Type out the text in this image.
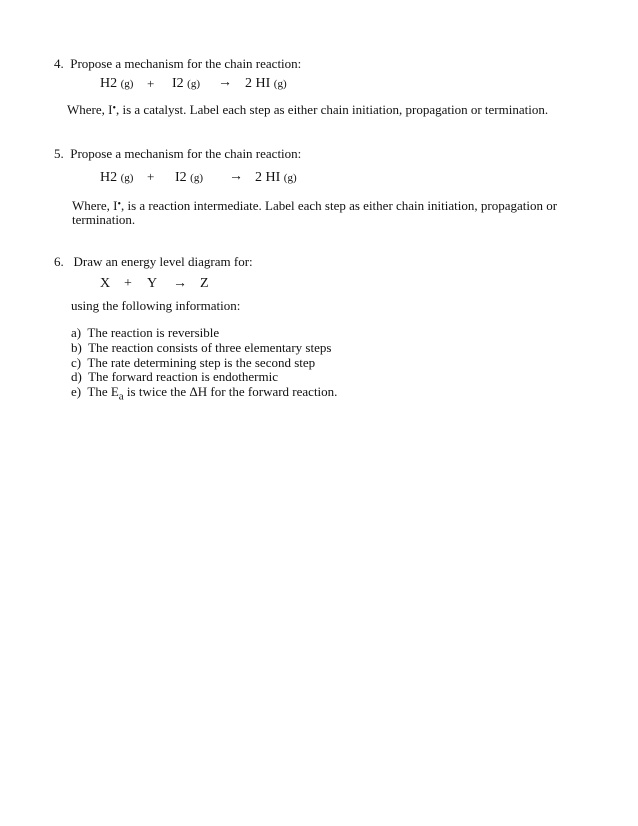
4. Propose a mechanism for the chain reaction:
H2 (g) + I2 (g) → 2 HI (g)
Where, I•, is a catalyst. Label each step as either chain initiation, propagation or termination.
5. Propose a mechanism for the chain reaction:
H2 (g) + I2 (g) → 2 HI (g)
Where, I•, is a reaction intermediate. Label each step as either chain initiation, propagation or
termination.
6. Draw an energy level diagram for:
X + Y → Z
using the following information:
a) The reaction is reversible
b) The reaction consists of three elementary steps
c) The rate determining step is the second step
d) The forward reaction is endothermic
e) The $E_a$ is twice the ΔH for the forward reaction.
